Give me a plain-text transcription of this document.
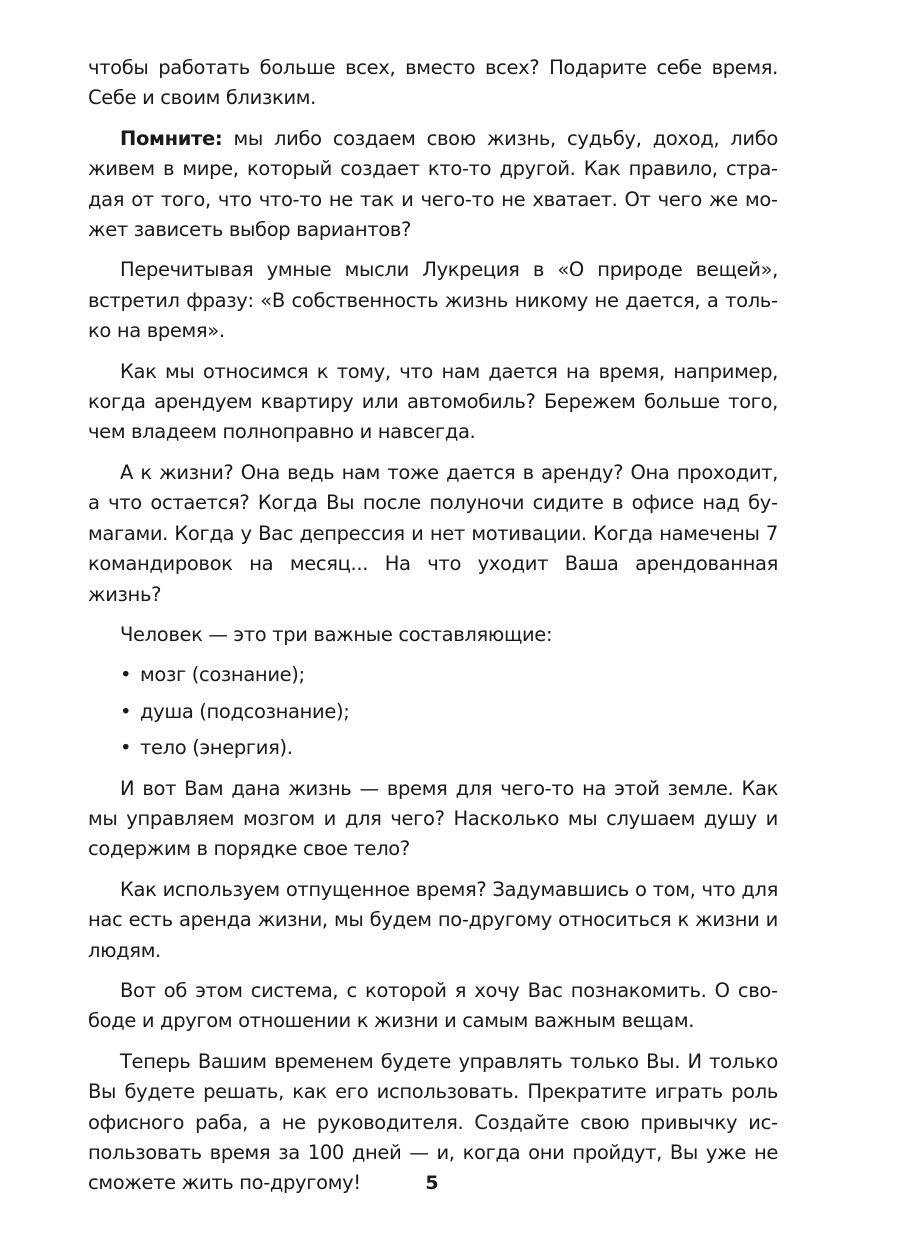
чтобы работать больше всех, вместо всех? Подарите себе время. Себе и своим близким.

Помните: мы либо создаем свою жизнь, судьбу, доход, либо живем в мире, который создает кто-то другой. Как правило, страдая от того, что что-то не так и чего-то не хватает. От чего же может зависеть выбор вариантов?

Перечитывая умные мысли Лукреция в «О природе вещей», встретил фразу: «В собственность жизнь никому не дается, а только на время».

Как мы относимся к тому, что нам дается на время, например, когда арендуем квартиру или автомобиль? Бережем больше того, чем владеем полноправно и навсегда.

А к жизни? Она ведь нам тоже дается в аренду? Она проходит, а что остается? Когда Вы после полуночи сидите в офисе над бумагами. Когда у Вас депрессия и нет мотивации. Когда намечены 7 командировок на месяц... На что уходит Ваша арендованная жизнь?

Человек — это три важные составляющие:

• мозг (сознание);
• душа (подсознание);
• тело (энергия).

И вот Вам дана жизнь — время для чего-то на этой земле. Как мы управляем мозгом и для чего? Насколько мы слушаем душу и содержим в порядке свое тело?

Как используем отпущенное время? Задумавшись о том, что для нас есть аренда жизни, мы будем по-другому относиться к жизни и людям.

Вот об этом система, с которой я хочу Вас познакомить. О свободе и другом отношении к жизни и самым важным вещам.

Теперь Вашим временем будете управлять только Вы. И только Вы будете решать, как его использовать. Прекратите играть роль офисного раба, а не руководителя. Создайте свою привычку использовать время за 100 дней — и, когда они пройдут, Вы уже не сможете жить по-другому!	5
